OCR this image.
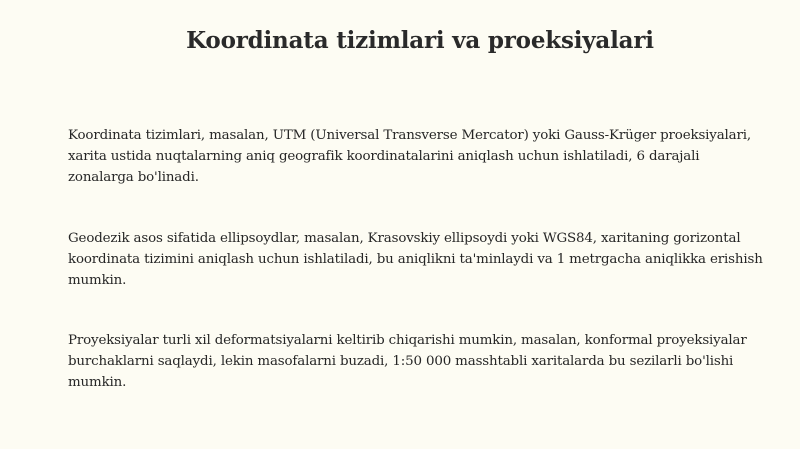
Koordinata tizimlari va proeksiyalari

Koordinata tizimlari, masalan, UTM (Universal Transverse Mercator) yoki Gauss-Krüger proeksiyalari, xarita ustida nuqtalarning aniq geografik koordinatalarini aniqlash uchun ishlatiladi, 6 darajali zonalarga bo'linadi.

Geodezik asos sifatida ellipsoydlar, masalan, Krasovskiy ellipsoydi yoki WGS84, xaritaning gorizontal koordinata tizimini aniqlash uchun ishlatiladi, bu aniqlikni ta'minlaydi va 1 metrgacha aniqlikka erishish mumkin.

Proyeksiyalar turli xil deformatsiyalarni keltirib chiqarishi mumkin, masalan, konformal proyeksiyalar burchaklarni saqlaydi, lekin masofalarni buzadi, 1:50 000 masshtabli xaritalarda bu sezilarli bo'lishi mumkin.
